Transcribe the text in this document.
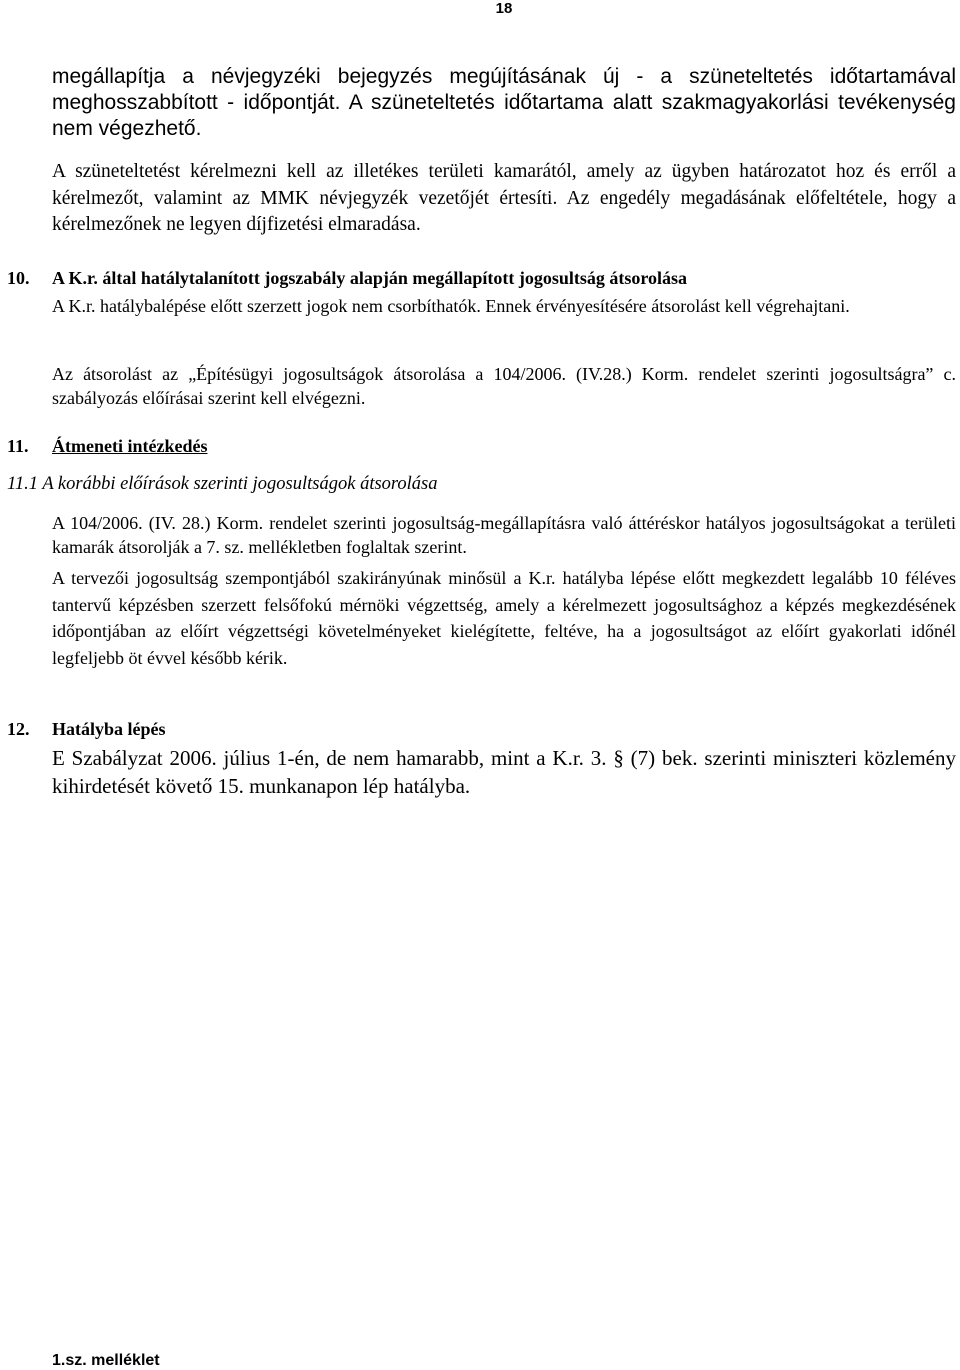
18

megállapítja a névjegyzéki bejegyzés megújításának új - a szüneteltetés időtartamával meghosszabbított - időpontját. A szüneteltetés időtartama alatt szakmagyakorlási tevékenység nem végezhető.

A szüneteltetést kérelmezni kell az illetékes területi kamarától, amely az ügyben határozatot hoz és erről a kérelmezőt, valamint az MMK névjegyzék vezetőjét értesíti. Az engedély megadásának előfeltétele, hogy a kérelmezőnek ne legyen díjfizetési elmaradása.

10. A K.r. által hatálytalanított jogszabály alapján megállapított jogosultság átsorolása

A K.r. hatálybalépése előtt szerzett jogok nem csorbíthatók. Ennek érvényesítésére átsorolást kell végrehajtani.

Az átsorolást az „Építésügyi jogosultságok átsorolása a 104/2006. (IV.28.) Korm. rendelet szerinti jogosultságra” c. szabályozás előírásai szerint kell elvégezni.

11. Átmeneti intézkedés
11.1 A korábbi előírások szerinti jogosultságok átsorolása

A 104/2006. (IV. 28.) Korm. rendelet szerinti jogosultság-megállapításra való áttéréskor hatályos jogosultságokat a területi kamarák átsorolják a 7. sz. mellékletben foglaltak szerint.

A tervezői jogosultság szempontjából szakirányúnak minősül a K.r. hatályba lépése előtt megkezdett legalább 10 féléves tantervű képzésben szerzett felsőfokú mérnöki végzettség, amely a kérelmezett jogosultsághoz a képzés megkezdésének időpontjában az előírt végzettségi követelményeket kielégítette, feltéve, ha a jogosultságot az előírt gyakorlati időnél legfeljebb öt évvel később kérik.

12. Hatályba lépés

E Szabályzat 2006. július 1-én, de nem hamarabb, mint a K.r. 3. § (7) bek. szerinti miniszteri közlemény kihirdetését követő 15. munkanapon lép hatályba.

1.sz. melléklet
